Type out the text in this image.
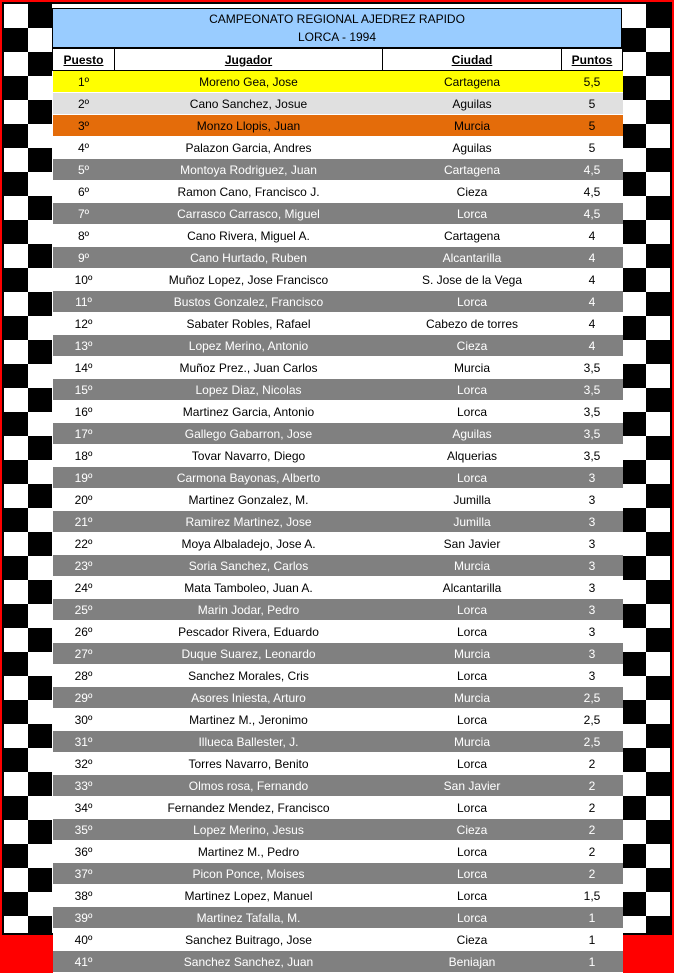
CAMPEONATO REGIONAL AJEDREZ RAPIDO
LORCA - 1994
Puesto	Jugador	Ciudad	Puntos
1º	Moreno Gea, Jose	Cartagena	5,5
2º	Cano Sanchez, Josue	Aguilas	5
3º	Monzo Llopis, Juan	Murcia	5
4º	Palazon Garcia, Andres	Aguilas	5
5º	Montoya Rodriguez, Juan	Cartagena	4,5
6º	Ramon Cano, Francisco J.	Cieza	4,5
7º	Carrasco Carrasco, Miguel	Lorca	4,5
8º	Cano Rivera, Miguel A.	Cartagena	4
9º	Cano Hurtado, Ruben	Alcantarilla	4
10º	Muñoz Lopez, Jose Francisco	S. Jose de la Vega	4
11º	Bustos Gonzalez, Francisco	Lorca	4
12º	Sabater Robles, Rafael	Cabezo de torres	4
13º	Lopez Merino, Antonio	Cieza	4
14º	Muñoz Prez., Juan Carlos	Murcia	3,5
15º	Lopez Diaz, Nicolas	Lorca	3,5
16º	Martinez Garcia, Antonio	Lorca	3,5
17º	Gallego Gabarron, Jose	Aguilas	3,5
18º	Tovar Navarro, Diego	Alquerias	3,5
19º	Carmona Bayonas, Alberto	Lorca	3
20º	Martinez Gonzalez, M.	Jumilla	3
21º	Ramirez Martinez, Jose	Jumilla	3
22º	Moya Albaladejo, Jose A.	San Javier	3
23º	Soria Sanchez, Carlos	Murcia	3
24º	Mata Tamboleo, Juan A.	Alcantarilla	3
25º	Marin Jodar, Pedro	Lorca	3
26º	Pescador Rivera, Eduardo	Lorca	3
27º	Duque Suarez, Leonardo	Murcia	3
28º	Sanchez Morales, Cris	Lorca	3
29º	Asores Iniesta, Arturo	Murcia	2,5
30º	Martinez M., Jeronimo	Lorca	2,5
31º	Illueca Ballester, J.	Murcia	2,5
32º	Torres Navarro, Benito	Lorca	2
33º	Olmos rosa, Fernando	San Javier	2
34º	Fernandez Mendez, Francisco	Lorca	2
35º	Lopez Merino, Jesus	Cieza	2
36º	Martinez M., Pedro	Lorca	2
37º	Picon Ponce, Moises	Lorca	2
38º	Martinez Lopez, Manuel	Lorca	1,5
39º	Martinez Tafalla, M.	Lorca	1
40º	Sanchez Buitrago, Jose	Cieza	1
41º	Sanchez Sanchez, Juan	Beniajan	1
